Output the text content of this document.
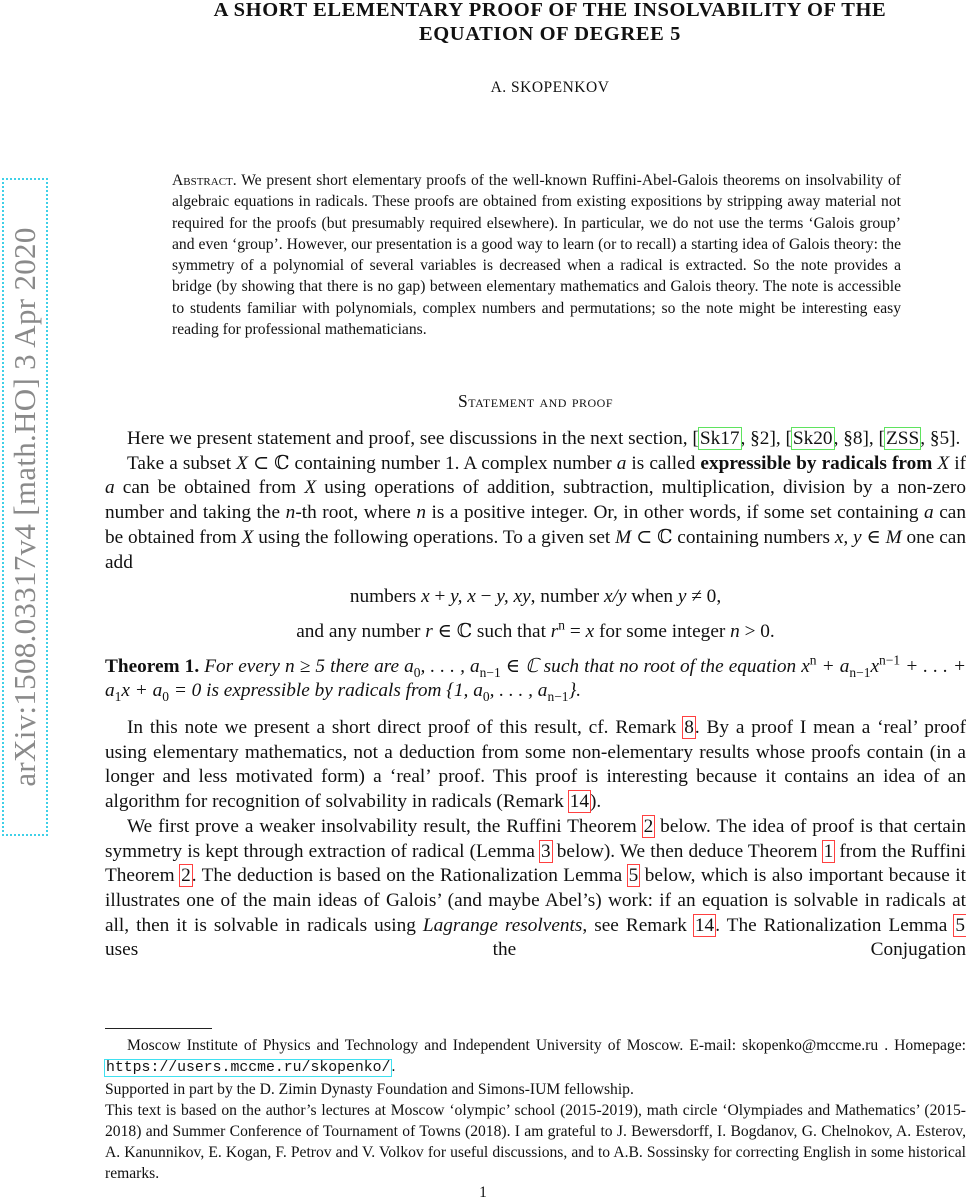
arXiv:1508.03317v4 [math.HO] 3 Apr 2020
A SHORT ELEMENTARY PROOF OF THE INSOLVABILITY OF THE
EQUATION OF DEGREE 5
A. SKOPENKOV
Abstract. We present short elementary proofs of the well-known Ruffini-Abel-Galois theorems on insolvability of algebraic equations in radicals. These proofs are obtained from existing expositions by stripping away material not required for the proofs (but presumably required elsewhere). In particular, we do not use the terms ‘Galois group’ and even ‘group’. However, our presentation is a good way to learn (or to recall) a starting idea of Galois theory: the symmetry of a polynomial of several variables is decreased when a radical is extracted. So the note provides a bridge (by showing that there is no gap) between elementary mathematics and Galois theory. The note is accessible to students familiar with polynomials, complex numbers and permutations; so the note might be interesting easy reading for professional mathematicians.
Statement and proof

Here we present statement and proof, see discussions in the next section, [Sk17, §2], [Sk20, §8], [ZSS, §5].

Take a subset X ⊂ ℂ containing number 1. A complex number a is called expressible by radicals from X if a can be obtained from X using operations of addition, subtraction, multiplication, division by a non-zero number and taking the n-th root, where n is a positive integer. Or, in other words, if some set containing a can be obtained from X using the following operations. To a given set M ⊂ ℂ containing numbers x, y ∈ M one can add

numbers x + y, x − y, xy, number x/y when y ≠ 0,

and any number r ∈ ℂ such that $r^n = x$ for some integer n > 0.

Theorem 1. For every n ≥ 5 there are $a_0$, . . . , $a_{n-1}$ ∈ ℂ such that no root of the equation $x^n + a_{n-1}x^{n-1}$ + . . . + $a_1x + a_0 = 0$ is expressible by radicals from {1, $a_0$, . . . , $a_{n-1}$}.

In this note we present a short direct proof of this result, cf. Remark 8. By a proof I mean a ‘real’ proof using elementary mathematics, not a deduction from some non-elementary results whose proofs contain (in a longer and less motivated form) a ‘real’ proof. This proof is interesting because it contains an idea of an algorithm for recognition of solvability in radicals (Remark 14).

We first prove a weaker insolvability result, the Ruffini Theorem 2 below. The idea of proof is that certain symmetry is kept through extraction of radical (Lemma 3 below). We then deduce Theorem 1 from the Ruffini Theorem 2. The deduction is based on the Rationalization Lemma 5 below, which is also important because it illustrates one of the main ideas of Galois’ (and maybe Abel’s) work: if an equation is solvable in radicals at all, then it is solvable in radicals using Lagrange resolvents, see Remark 14. The Rationalization Lemma 5 uses the Conjugation

Moscow Institute of Physics and Technology and Independent University of Moscow. E-mail: skopenko@mccme.ru . Homepage: https://users.mccme.ru/skopenko/.

Supported in part by the D. Zimin Dynasty Foundation and Simons-IUM fellowship.

This text is based on the author’s lectures at Moscow ‘olympic’ school (2015-2019), math circle ‘Olympiades and Mathematics’ (2015-2018) and Summer Conference of Tournament of Towns (2018). I am grateful to J. Bewersdorff, I. Bogdanov, G. Chelnokov, A. Esterov, A. Kanunnikov, E. Kogan, F. Petrov and V. Volkov for useful discussions, and to A.B. Sossinsky for correcting English in some historical remarks.

1
